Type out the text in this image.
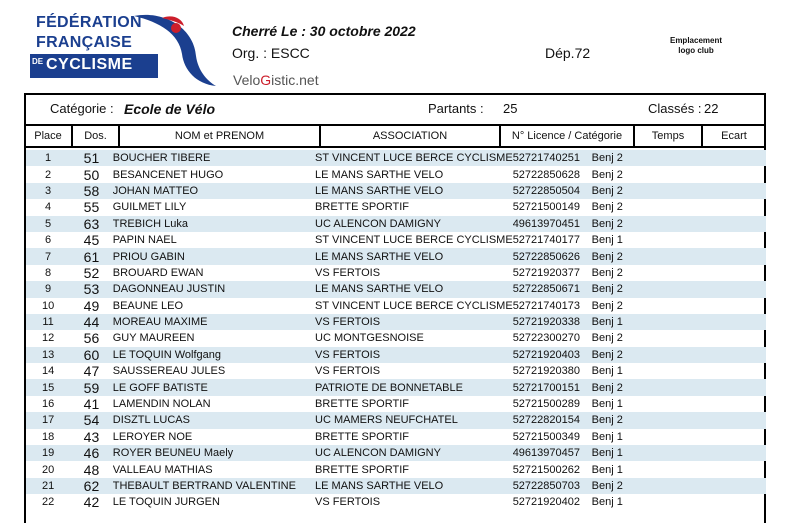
FÉDÉRATION
FRANÇAISE
DE CYCLISME
Cherré Le : 30 octobre 2022
Org. : ESCC	Dép.72
VeloGistic.net
Emplacement
logo club
Catégorie : Ecole de Vélo	Partants : 25	Classés : 22
Place	Dos.	NOM et PRENOM	ASSOCIATION	N° Licence / Catégorie	Temps	Ecart
1	51	BOUCHER TIBERE	ST VINCENT LUCE BERCE CYCLISME	52721740251	Benj 2	
2	50	BESANCENET HUGO	LE MANS SARTHE VELO	52722850628	Benj 2	
3	58	JOHAN MATTEO	LE MANS SARTHE VELO	52722850504	Benj 2	
4	55	GUILMET LILY	BRETTE SPORTIF	52721500149	Benj 2	
5	63	TREBICH Luka	UC ALENCON DAMIGNY	49613970451	Benj 2	
6	45	PAPIN NAEL	ST VINCENT LUCE BERCE CYCLISME	52721740177	Benj 1	
7	61	PRIOU GABIN	LE MANS SARTHE VELO	52722850626	Benj 2	
8	52	BROUARD EWAN	VS FERTOIS	52721920377	Benj 2	
9	53	DAGONNEAU JUSTIN	LE MANS SARTHE VELO	52722850671	Benj 2	
10	49	BEAUNE LEO	ST VINCENT LUCE BERCE CYCLISME	52721740173	Benj 2	
11	44	MOREAU MAXIME	VS FERTOIS	52721920338	Benj 1	
12	56	GUY MAUREEN	UC MONTGESNOISE	52722300270	Benj 2	
13	60	LE TOQUIN Wolfgang	VS FERTOIS	52721920403	Benj 2	
14	47	SAUSSEREAU JULES	VS FERTOIS	52721920380	Benj 1	
15	59	LE GOFF BATISTE	PATRIOTE DE BONNETABLE	52721700151	Benj 2	
16	41	LAMENDIN NOLAN	BRETTE SPORTIF	52721500289	Benj 1	
17	54	DISZTL LUCAS	UC MAMERS NEUFCHATEL	52722820154	Benj 2	
18	43	LEROYER NOE	BRETTE SPORTIF	52721500349	Benj 1	
19	46	ROYER BEUNEU Maely	UC ALENCON DAMIGNY	49613970457	Benj 1	
20	48	VALLEAU MATHIAS	BRETTE SPORTIF	52721500262	Benj 1	
21	62	THEBAULT BERTRAND VALENTINE	LE MANS SARTHE VELO	52722850703	Benj 2	
22	42	LE TOQUIN JURGEN	VS FERTOIS	52721920402	Benj 1	
